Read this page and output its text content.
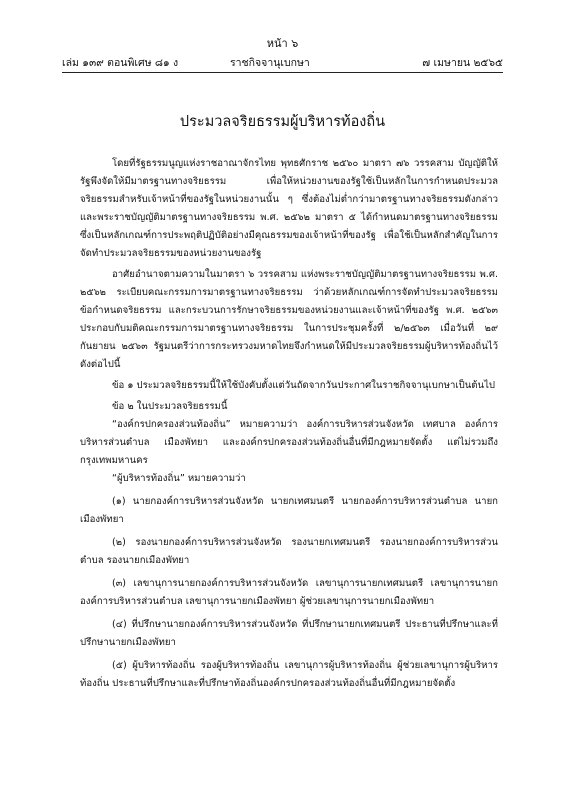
หน้า ๖
เล่ม ๑๓๙ ตอนพิเศษ ๘๑ ง	ราชกิจจานุเบกษา	๗ เมษายน ๒๕๖๕
ประมวลจริยธรรมผู้บริหารท้องถิ่น

โดยที่รัฐธรรมนูญแห่งราชอาณาจักรไทย พุทธศักราช ๒๕๖๐ มาตรา ๗๖ วรรคสาม บัญญัติให้รัฐพึงจัดให้มีมาตรฐานทางจริยธรรม เพื่อให้หน่วยงานของรัฐใช้เป็นหลักในการกำหนดประมวลจริยธรรมสำหรับเจ้าหน้าที่ของรัฐในหน่วยงานนั้น ๆ ซึ่งต้องไม่ต่ำกว่ามาตรฐานทางจริยธรรมดังกล่าว และพระราชบัญญัติมาตรฐานทางจริยธรรม พ.ศ. ๒๕๖๒ มาตรา ๕ ได้กำหนดมาตรฐานทางจริยธรรมซึ่งเป็นหลักเกณฑ์การประพฤติปฏิบัติอย่างมีคุณธรรมของเจ้าหน้าที่ของรัฐ เพื่อใช้เป็นหลักสำคัญในการจัดทำประมวลจริยธรรมของหน่วยงานของรัฐ

อาศัยอำนาจตามความในมาตรา ๖ วรรคสาม แห่งพระราชบัญญัติมาตรฐานทางจริยธรรม พ.ศ. ๒๕๖๒ ระเบียบคณะกรรมการมาตรฐานทางจริยธรรม ว่าด้วยหลักเกณฑ์การจัดทำประมวลจริยธรรม ข้อกำหนดจริยธรรม และกระบวนการรักษาจริยธรรมของหน่วยงานและเจ้าหน้าที่ของรัฐ พ.ศ. ๒๕๖๓ ประกอบกับมติคณะกรรมการมาตรฐานทางจริยธรรม ในการประชุมครั้งที่ ๒/๒๕๖๓ เมื่อวันที่ ๒๙ กันยายน ๒๕๖๓ รัฐมนตรีว่าการกระทรวงมหาดไทยจึงกำหนดให้มีประมวลจริยธรรมผู้บริหารท้องถิ่นไว้ ดังต่อไปนี้

ข้อ ๑ ประมวลจริยธรรมนี้ให้ใช้บังคับตั้งแต่วันถัดจากวันประกาศในราชกิจจานุเบกษาเป็นต้นไป

ข้อ ๒ ในประมวลจริยธรรมนี้

“องค์กรปกครองส่วนท้องถิ่น” หมายความว่า องค์การบริหารส่วนจังหวัด เทศบาล องค์การบริหารส่วนตำบล เมืองพัทยา และองค์กรปกครองส่วนท้องถิ่นอื่นที่มีกฎหมายจัดตั้ง แต่ไม่รวมถึงกรุงเทพมหานคร

“ผู้บริหารท้องถิ่น” หมายความว่า

(๑) นายกองค์การบริหารส่วนจังหวัด นายกเทศมนตรี นายกองค์การบริหารส่วนตำบล นายกเมืองพัทยา

(๒) รองนายกองค์การบริหารส่วนจังหวัด รองนายกเทศมนตรี รองนายกองค์การบริหารส่วนตำบล รองนายกเมืองพัทยา

(๓) เลขานุการนายกองค์การบริหารส่วนจังหวัด เลขานุการนายกเทศมนตรี เลขานุการนายกองค์การบริหารส่วนตำบล เลขานุการนายกเมืองพัทยา ผู้ช่วยเลขานุการนายกเมืองพัทยา

(๔) ที่ปรึกษานายกองค์การบริหารส่วนจังหวัด ที่ปรึกษานายกเทศมนตรี ประธานที่ปรึกษาและที่ปรึกษานายกเมืองพัทยา

(๕) ผู้บริหารท้องถิ่น รองผู้บริหารท้องถิ่น เลขานุการผู้บริหารท้องถิ่น ผู้ช่วยเลขานุการผู้บริหารท้องถิ่น ประธานที่ปรึกษาและที่ปรึกษาท้องถิ่นองค์กรปกครองส่วนท้องถิ่นอื่นที่มีกฎหมายจัดตั้ง
